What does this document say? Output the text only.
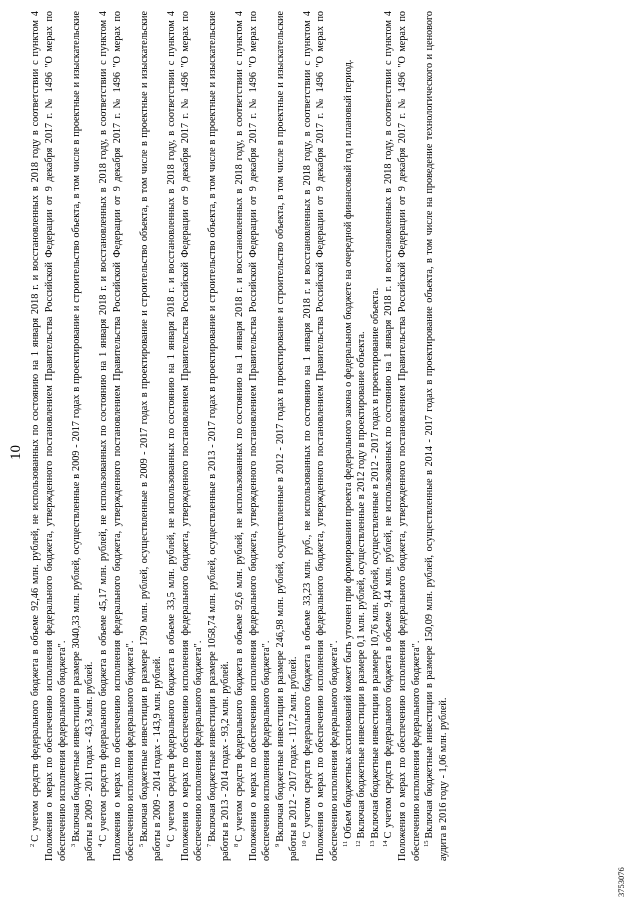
10

$^2$С учетом средств федерального бюджета в объеме 92,46 млн. рублей, не использованных по состоянию на 1 января 2018 г. и восстановленных в 2018 году в соответствии с пунктом 4 Положения о мерах по обеспечению исполнения федерального бюджета, утвержденного постановлением Правительства Российской Федерации от 9 декабря 2017 г. № 1496 "О мерах по обеспечению исполнения федерального бюджета". $^3$Включая бюджетные инвестиции в размере 3040,33 млн. рублей, осуществленные в 2009 - 2017 годах в проектирование и строительство объекта, в том числе в проектные и изыскательские работы в 2009 - 2011 годах - 43,3 млн. рублей. $^4$С учетом средств федерального бюджета в объеме 45,17 млн. рублей, не использованных по состоянию на 1 января 2018 г. и восстановленных в 2018 году, в соответствии с пунктом 4 Положения о мерах по обеспечению исполнения федерального бюджета, утвержденного постановлением Правительства Российской Федерации от 9 декабря 2017 г. № 1496 "О мерах по обеспечению исполнения федерального бюджета". $^5$Включая бюджетные инвестиции в размере 1790 млн. рублей, осуществленные в 2009 - 2017 годах в проектирование и строительство объекта, в том числе в проектные и изыскательские работы в 2009 - 2014 годах - 143,9 млн. рублей. $^6$С учетом средств федерального бюджета в объеме 33,5 млн. рублей, не использованных по состоянию на 1 января 2018 г. и восстановленных в 2018 году, в соответствии с пунктом 4 Положения о мерах по обеспечению исполнения федерального бюджета, утвержденного постановлением Правительства Российской Федерации от 9 декабря 2017 г. № 1496 "О мерах по обеспечению исполнения федерального бюджета". $^7$Включая бюджетные инвестиции в размере 1058,74 млн. рублей, осуществленные в 2013 - 2017 годах в проектирование и строительство объекта, в том числе в проектные и изыскательские работы в 2013 - 2014 годах - 93,2 млн. рублей. $^8$С учетом средств федерального бюджета в объеме 92,6 млн. рублей, не использованных по состоянию на 1 января 2018 г. и восстановленных в 2018 году, в соответствии с пунктом 4 Положения о мерах по обеспечению исполнения федерального бюджета, утвержденного постановлением Правительства Российской Федерации от 9 декабря 2017 г. № 1496 "О мерах по обеспечению исполнения федерального бюджета". $^9$Включая бюджетные инвестиции в размере 246,98 млн. рублей, осуществленные в 2012 - 2017 годах в проектирование и строительство объекта, в том числе в проектные и изыскательские работы в 2012 - 2017 годах - 117,2 млн. рублей. $^{10}$С учетом средств федерального бюджета в объеме 33,23 млн. руб., не использованных по состоянию на 1 января 2018 г. и восстановленных в 2018 году, в соответствии с пунктом 4 Положения о мерах по обеспечению исполнения федерального бюджета, утвержденного постановлением Правительства Российской Федерации от 9 декабря 2017 г. № 1496 "О мерах по обеспечению исполнения федерального бюджета". $^{11}$Объем бюджетных ассигнований может быть уточнен при формировании проекта федерального закона о федеральном бюджете на очередной финансовый год и плановый период.

$^{12}$Включая бюджетные инвестиции в размере 0,1 млн. рублей, осуществленные в 2012 году в проектирование объекта.

$^{13}$Включая бюджетные инвестиции в размере 10,76 млн. рублей, осуществленные в 2012 - 2017 годах в проектирование объекта.

$^{14}$С учетом средств федерального бюджета в объеме 9,44 млн. рублей, не использованных по состоянию на 1 января 2018 г. и восстановленных в 2018 году, в соответствии с пунктом 4 Положения о мерах по обеспечению исполнения федерального бюджета, утвержденного постановлением Правительства Российской Федерации от 9 декабря 2017 г. № 1496 "О мерах по обеспечению исполнения федерального бюджета". $^{15}$Включая бюджетные инвестиции в размере 150,09 млн. рублей, осуществленные в 2014 - 2017 годах в проектирование объекта, в том числе на проведение технологического и ценового аудита в 2016 году - 1,06 млн. рублей.

3753076
